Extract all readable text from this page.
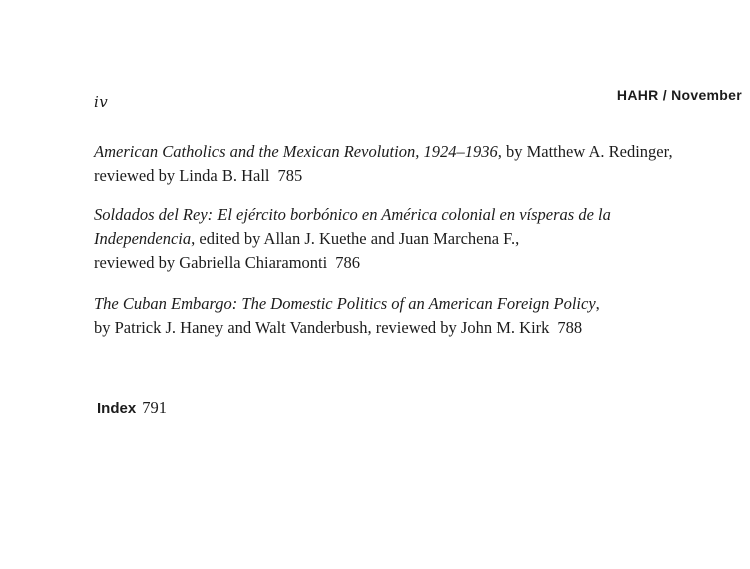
iv	HAHR / November
American Catholics and the Mexican Revolution, 1924–1936, by Matthew A. Redinger,
reviewed by Linda B. Hall 785
Soldados del Rey: El ejército borbónico en América colonial en vísperas de la
Independencia, edited by Allan J. Kuethe and Juan Marchena F.,
reviewed by Gabriella Chiaramonti 786
The Cuban Embargo: The Domestic Politics of an American Foreign Policy,
by Patrick J. Haney and Walt Vanderbush, reviewed by John M. Kirk 788
Index 791
